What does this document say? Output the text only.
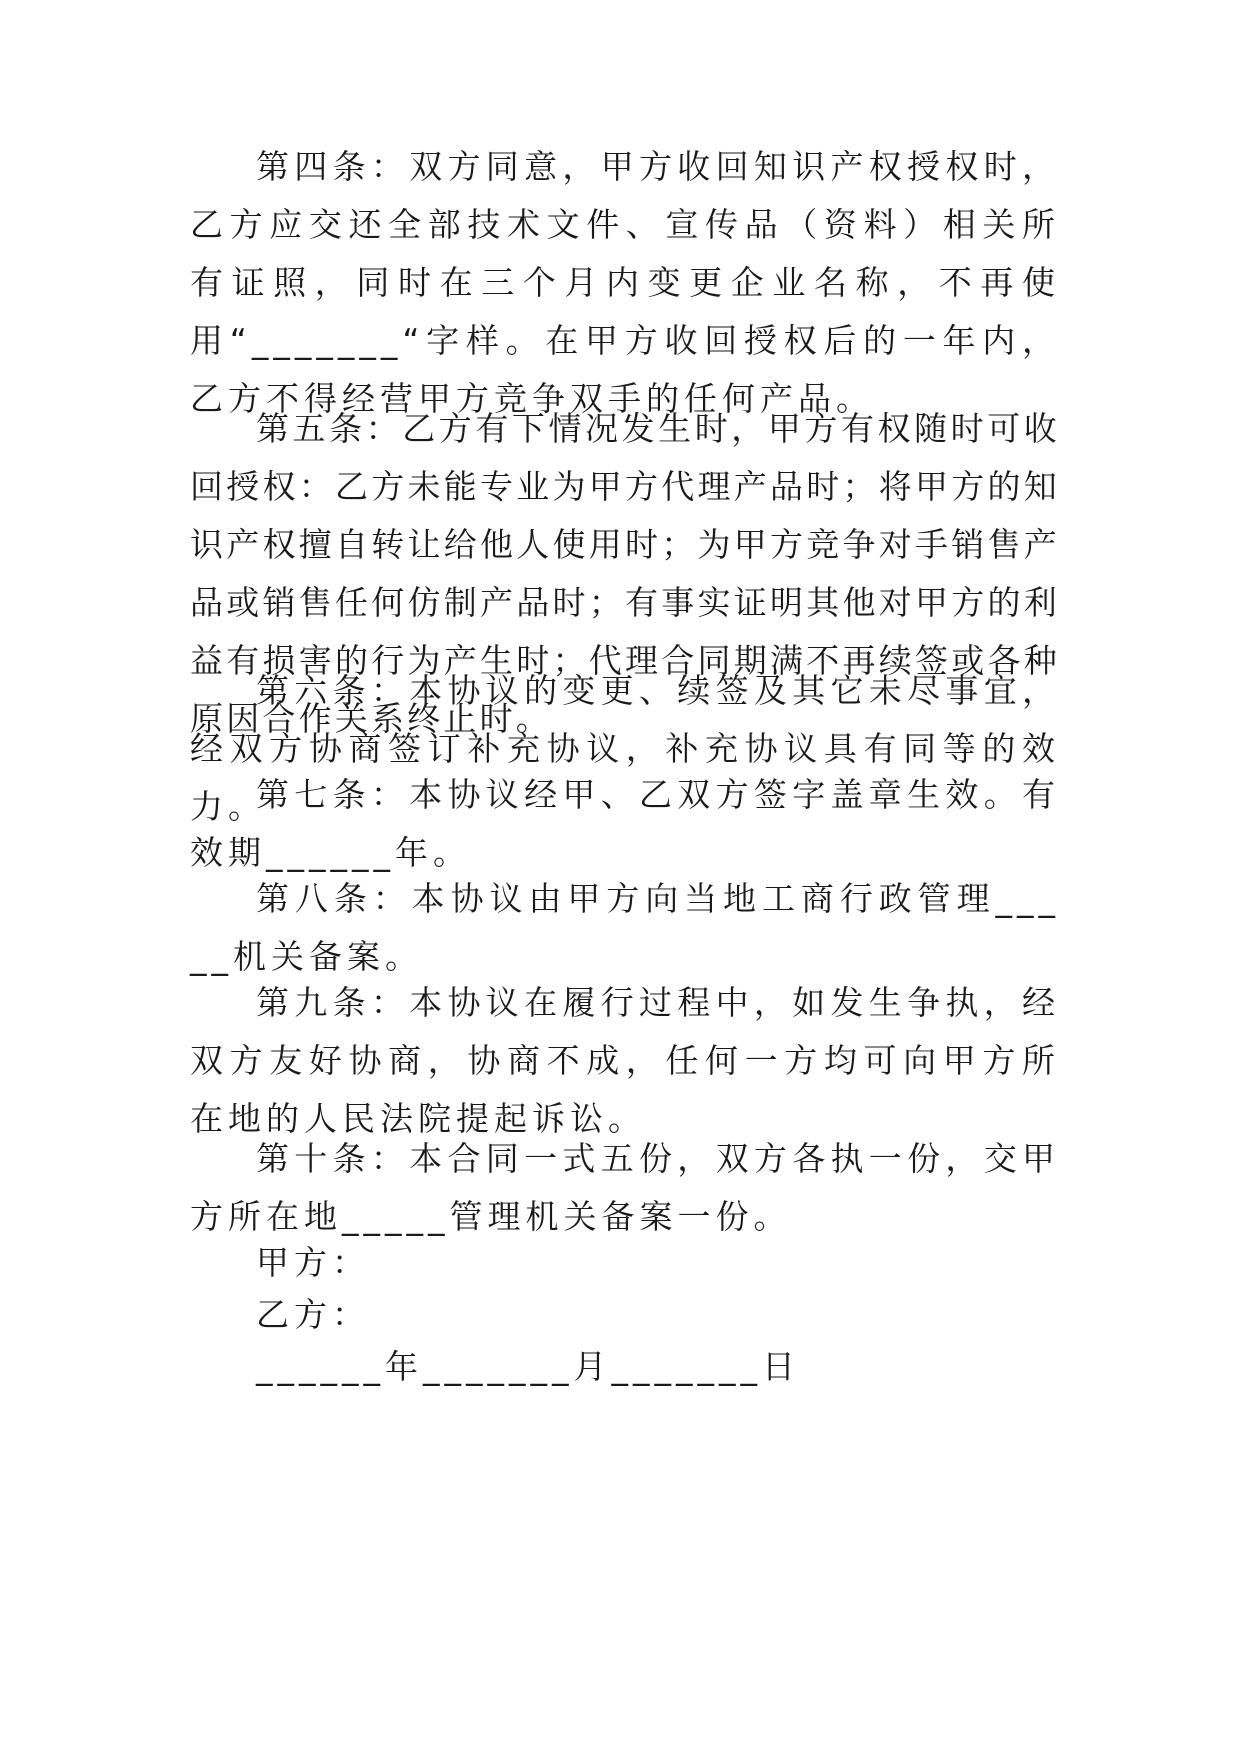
第四条：双方同意，甲方收回知识产权授权时，乙方应交还全部技术文件、宣传品（资料）相关所有证照，同时在三个月内变更企业名称，不再使用“_______“字样。在甲方收回授权后的一年内，乙方不得经营甲方竞争双手的任何产品。

第五条：乙方有下情况发生时，甲方有权随时可收回授权：乙方未能专业为甲方代理产品时；将甲方的知识产权擅自转让给他人使用时；为甲方竞争对手销售产品或销售任何仿制产品时；有事实证明其他对甲方的利益有损害的行为产生时；代理合同期满不再续签或各种原因合作关系终止时。

第六条：本协议的变更、续签及其它未尽事宜，经双方协商签订补充协议，补充协议具有同等的效力。

第七条：本协议经甲、乙双方签字盖章生效。有效期______年。

第八条：本协议由甲方向当地工商行政管理_____机关备案。

第九条：本协议在履行过程中，如发生争执，经双方友好协商，协商不成，任何一方均可向甲方所在地的人民法院提起诉讼。

第十条：本合同一式五份，双方各执一份，交甲方所在地_____管理机关备案一份。

甲方：

乙方：

______年_______月_______日
